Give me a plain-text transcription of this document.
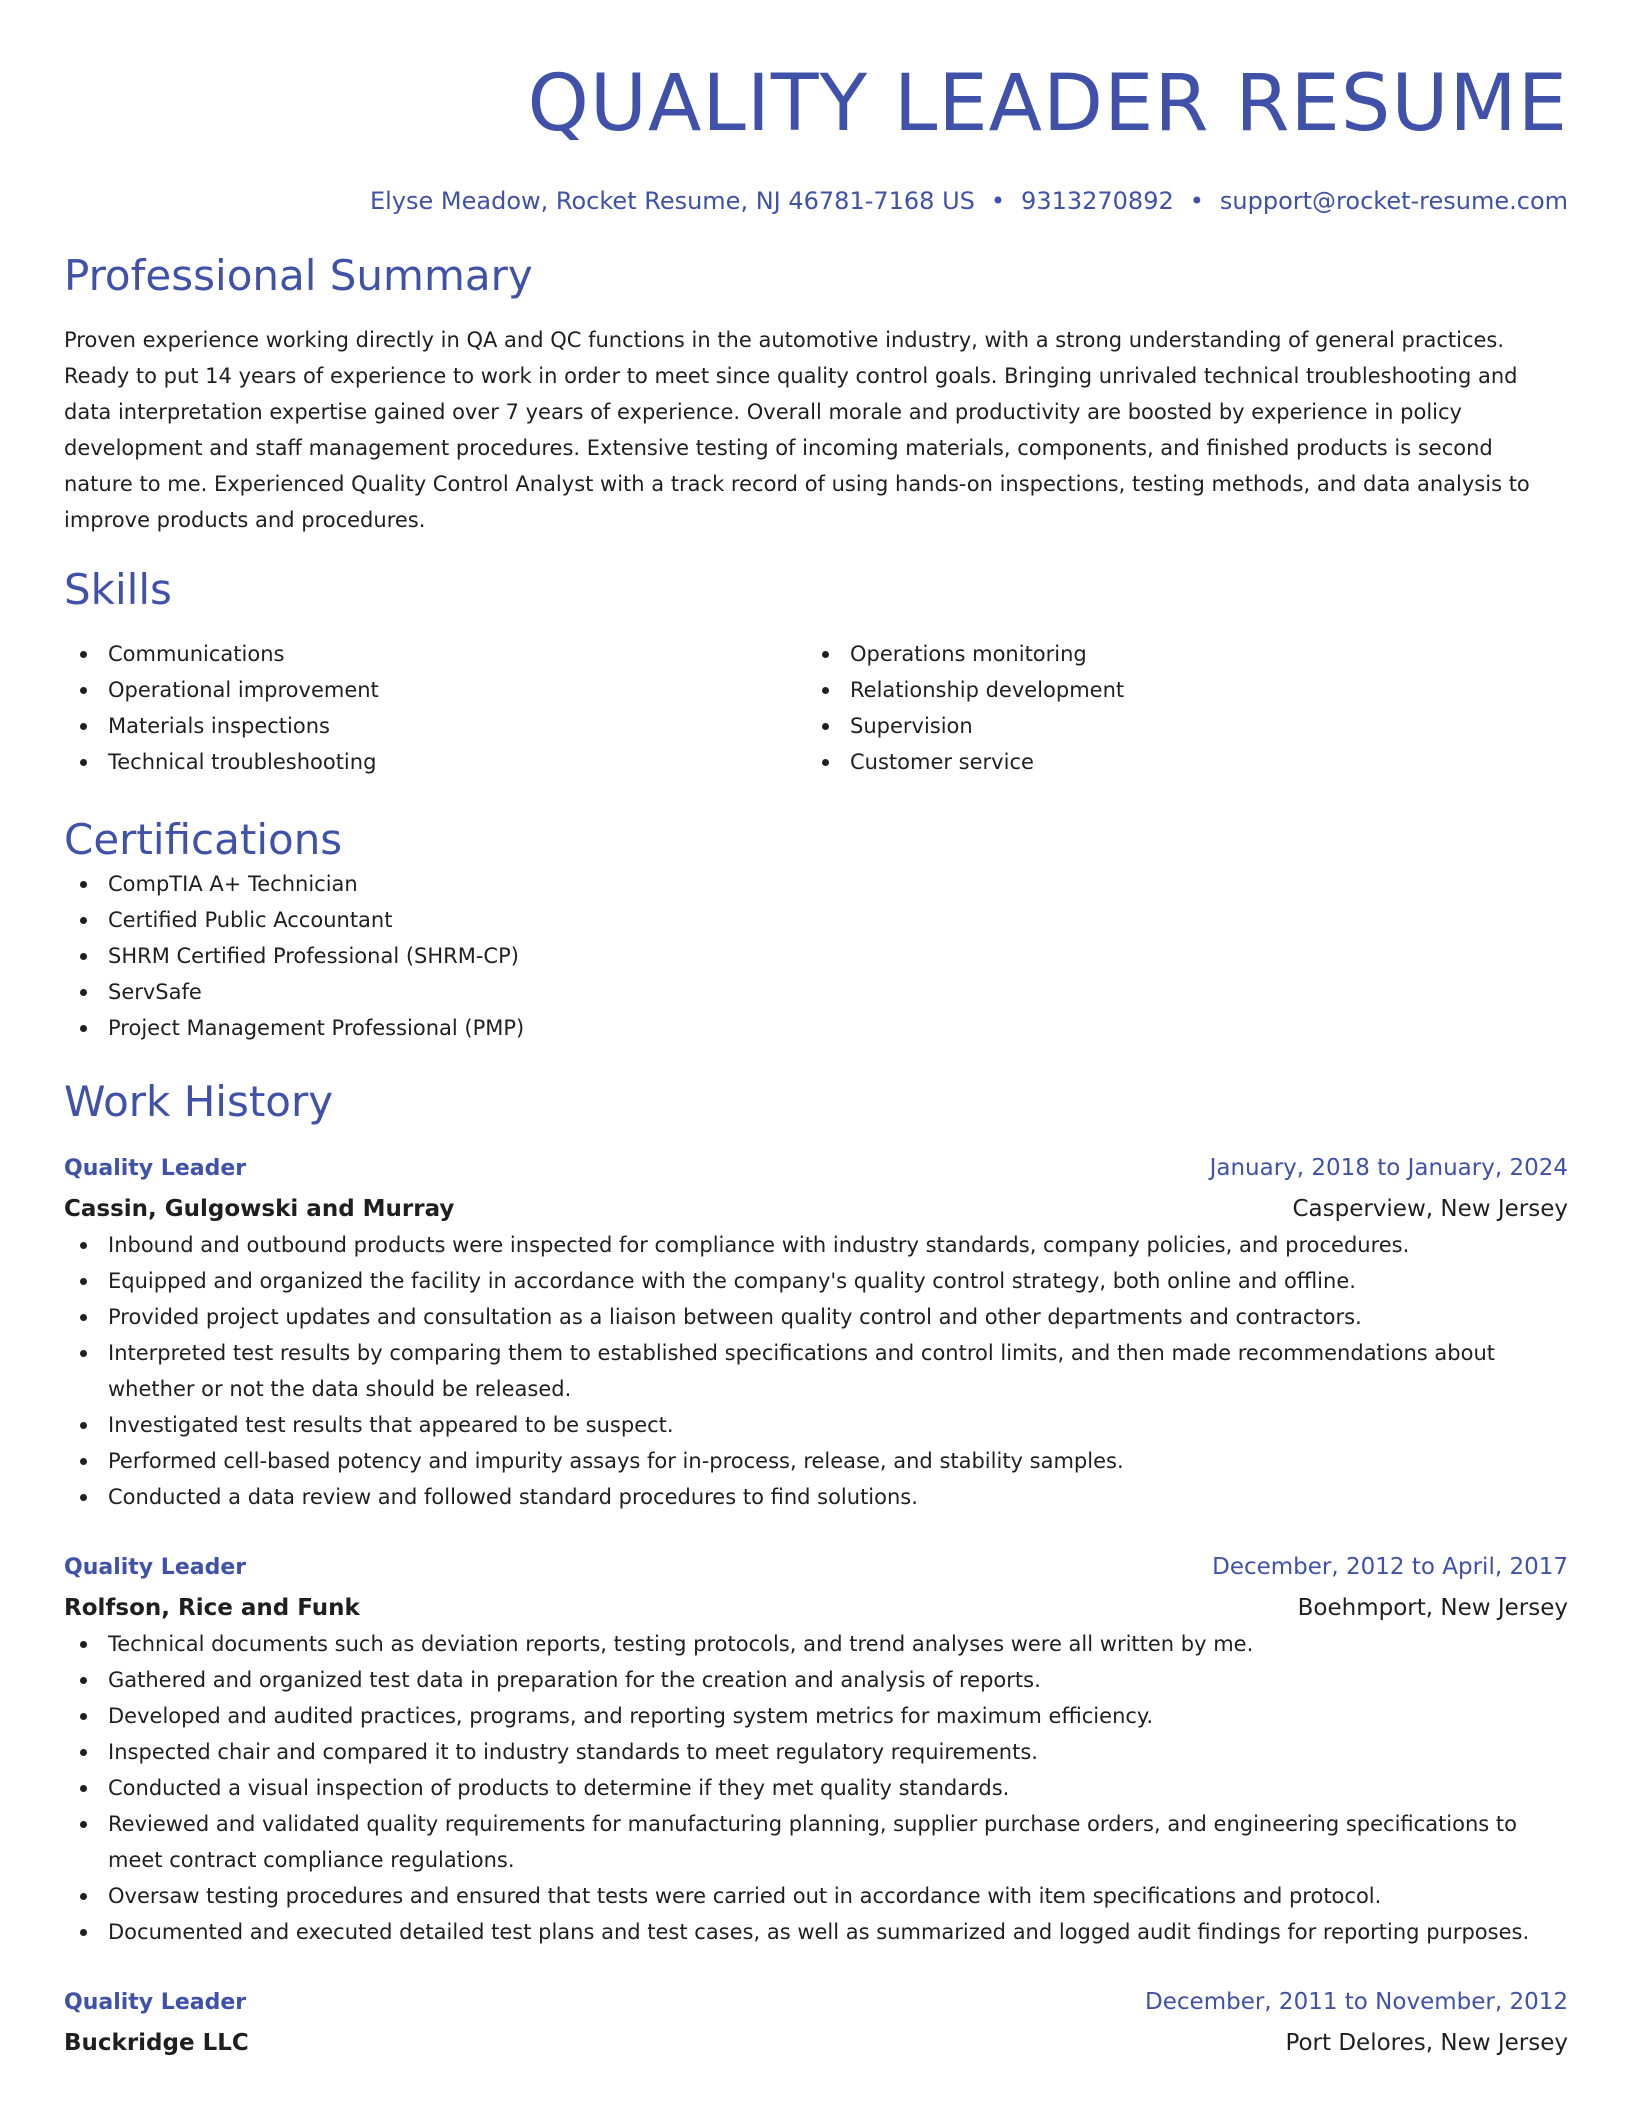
QUALITY LEADER RESUME
Elyse Meadow, Rocket Resume, NJ 46781-7168 US • 9313270892 • support@rocket-resume.com
Professional Summary
Proven experience working directly in QA and QC functions in the automotive industry, with a strong understanding of general practices. Ready to put 14 years of experience to work in order to meet since quality control goals. Bringing unrivaled technical troubleshooting and data interpretation expertise gained over 7 years of experience. Overall morale and productivity are boosted by experience in policy development and staff management procedures. Extensive testing of incoming materials, components, and finished products is second nature to me. Experienced Quality Control Analyst with a track record of using hands-on inspections, testing methods, and data analysis to improve products and procedures.
Skills
Communications
Operational improvement
Materials inspections
Technical troubleshooting
Operations monitoring
Relationship development
Supervision
Customer service
Certifications
CompTIA A+ Technician
Certified Public Accountant
SHRM Certified Professional (SHRM-CP)
ServSafe
Project Management Professional (PMP)
Work History
Quality Leader	January, 2018 to January, 2024
Cassin, Gulgowski and Murray	Casperview, New Jersey
Inbound and outbound products were inspected for compliance with industry standards, company policies, and procedures.
Equipped and organized the facility in accordance with the company's quality control strategy, both online and offline.
Provided project updates and consultation as a liaison between quality control and other departments and contractors.
Interpreted test results by comparing them to established specifications and control limits, and then made recommendations about whether or not the data should be released.
Investigated test results that appeared to be suspect.
Performed cell-based potency and impurity assays for in-process, release, and stability samples.
Conducted a data review and followed standard procedures to find solutions.
Quality Leader	December, 2012 to April, 2017
Rolfson, Rice and Funk	Boehmport, New Jersey
Technical documents such as deviation reports, testing protocols, and trend analyses were all written by me.
Gathered and organized test data in preparation for the creation and analysis of reports.
Developed and audited practices, programs, and reporting system metrics for maximum efficiency.
Inspected chair and compared it to industry standards to meet regulatory requirements.
Conducted a visual inspection of products to determine if they met quality standards.
Reviewed and validated quality requirements for manufacturing planning, supplier purchase orders, and engineering specifications to meet contract compliance regulations.
Oversaw testing procedures and ensured that tests were carried out in accordance with item specifications and protocol.
Documented and executed detailed test plans and test cases, as well as summarized and logged audit findings for reporting purposes.
Quality Leader	December, 2011 to November, 2012
Buckridge LLC	Port Delores, New Jersey
